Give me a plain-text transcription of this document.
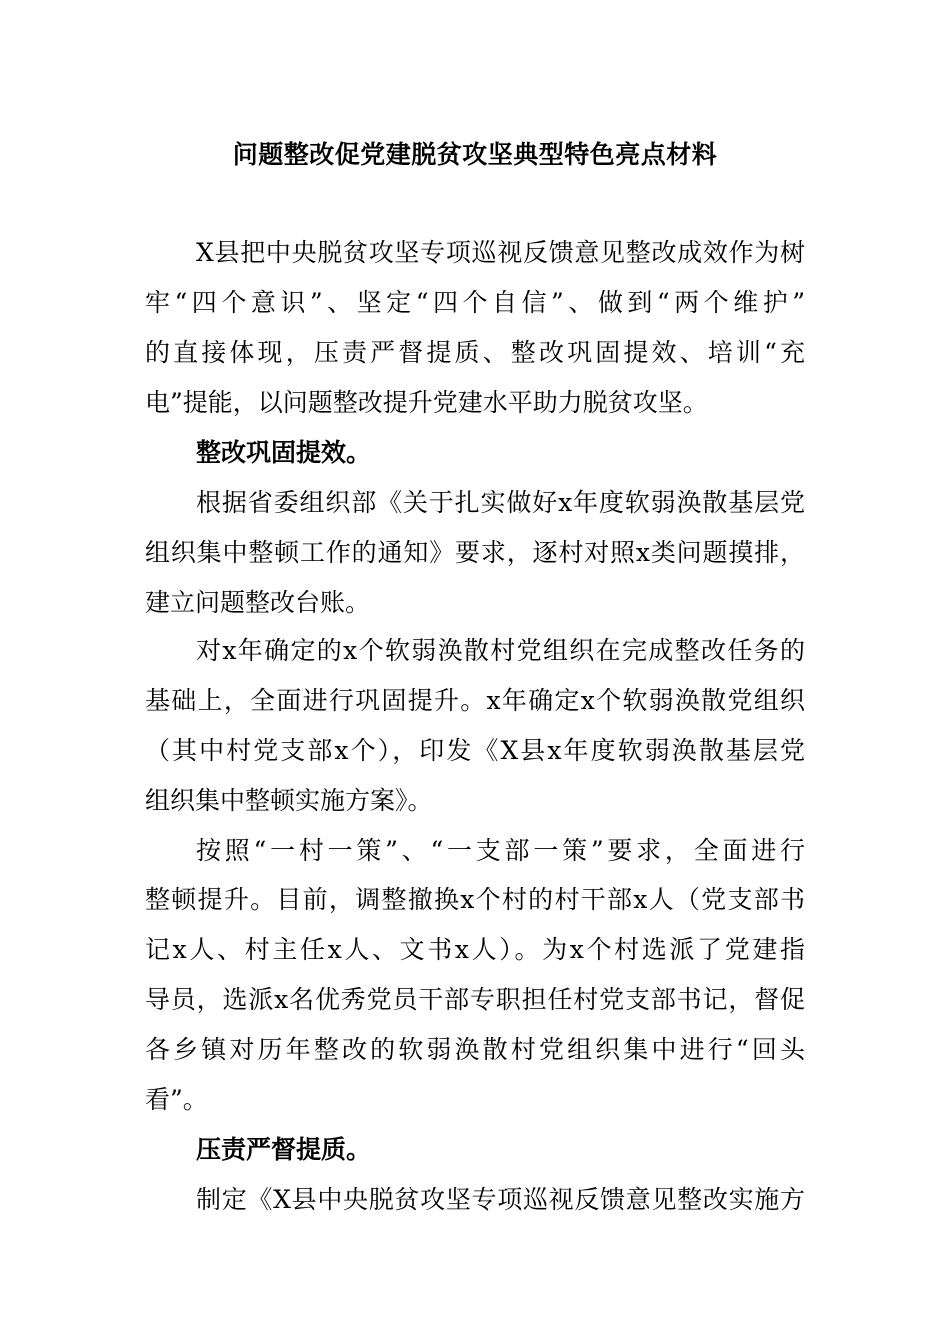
问题整改促党建脱贫攻坚典型特色亮点材料
X县把中央脱贫攻坚专项巡视反馈意见整改成效作为树
牢“四个意识”、坚定“四个自信”、做到“两个维护”
的直接体现，压责严督提质、整改巩固提效、培训“充
电”提能，以问题整改提升党建水平助力脱贫攻坚。
整改巩固提效。
根据省委组织部《关于扎实做好x年度软弱涣散基层党
组织集中整顿工作的通知》要求，逐村对照x类问题摸排，
建立问题整改台账。
对x年确定的x个软弱涣散村党组织在完成整改任务的
基础上，全面进行巩固提升。x年确定x个软弱涣散党组织
（其中村党支部x个），印发《X县x年度软弱涣散基层党
组织集中整顿实施方案》。
按照“一村一策”、“一支部一策”要求，全面进行
整顿提升。目前，调整撤换x个村的村干部x人（党支部书
记x人、村主任x人、文书x人）。为x个村选派了党建指
导员，选派x名优秀党员干部专职担任村党支部书记，督促
各乡镇对历年整改的软弱涣散村党组织集中进行“回头
看”。
压责严督提质。
制定《X县中央脱贫攻坚专项巡视反馈意见整改实施方
